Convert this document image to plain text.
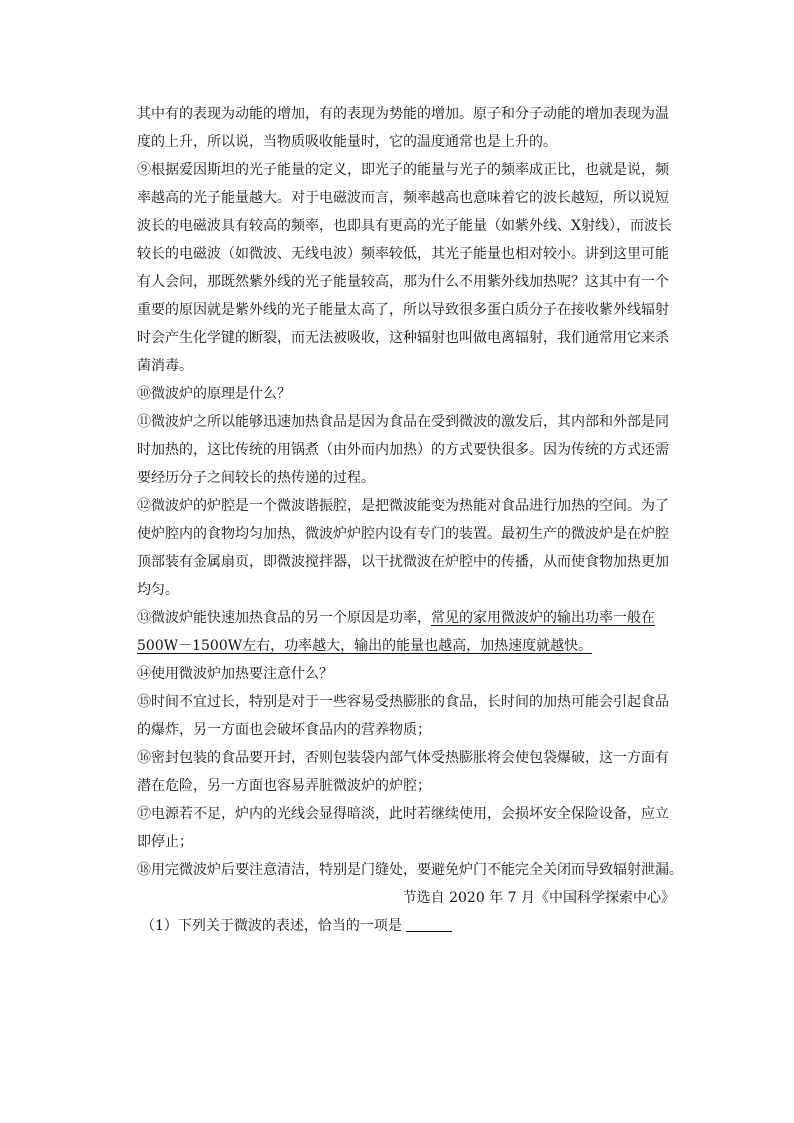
其中有的表现为动能的增加，有的表现为势能的增加。原子和分子动能的增加表现为温
度的上升，所以说，当物质吸收能量时，它的温度通常也是上升的。
⑨根据爱因斯坦的光子能量的定义，即光子的能量与光子的频率成正比，也就是说，频
率越高的光子能量越大。对于电磁波而言，频率越高也意味着它的波长越短，所以说短
波长的电磁波具有较高的频率，也即具有更高的光子能量（如紫外线、X射线），而波长
较长的电磁波（如微波、无线电波）频率较低，其光子能量也相对较小。讲到这里可能
有人会问，那既然紫外线的光子能量较高，那为什么不用紫外线加热呢？这其中有一个
重要的原因就是紫外线的光子能量太高了，所以导致很多蛋白质分子在接收紫外线辐射
时会产生化学键的断裂，而无法被吸收，这种辐射也叫做电离辐射，我们通常用它来杀
菌消毒。
⑩微波炉的原理是什么？
⑪微波炉之所以能够迅速加热食品是因为食品在受到微波的激发后，其内部和外部是同
时加热的，这比传统的用锅煮（由外而内加热）的方式要快很多。因为传统的方式还需
要经历分子之间较长的热传递的过程。
⑫微波炉的炉腔是一个微波谐振腔，是把微波能变为热能对食品进行加热的空间。为了
使炉腔内的食物均匀加热，微波炉炉腔内设有专门的装置。最初生产的微波炉是在炉腔
顶部装有金属扇页，即微波搅拌器，以干扰微波在炉腔中的传播，从而使食物加热更加
均匀。
⑬微波炉能快速加热食品的另一个原因是功率，常见的家用微波炉的输出功率一般在
500W－1500W左右，功率越大，输出的能量也越高，加热速度就越快。
⑭使用微波炉加热要注意什么？
⑮时间不宜过长，特别是对于一些容易受热膨胀的食品，长时间的加热可能会引起食品
的爆炸，另一方面也会破坏食品内的营养物质；
⑯密封包装的食品要开封，否则包装袋内部气体受热膨胀将会使包袋爆破，这一方面有
潜在危险，另一方面也容易弄脏微波炉的炉腔；
⑰电源若不足，炉内的光线会显得暗淡，此时若继续使用，会损坏安全保险设备，应立
即停止；
⑱用完微波炉后要注意清洁，特别是门缝处，要避免炉门不能完全关闭而导致辐射泄漏。
节选自 2020 年 7 月《中国科学探索中心》
（1）下列关于微波的表述，恰当的一项是
